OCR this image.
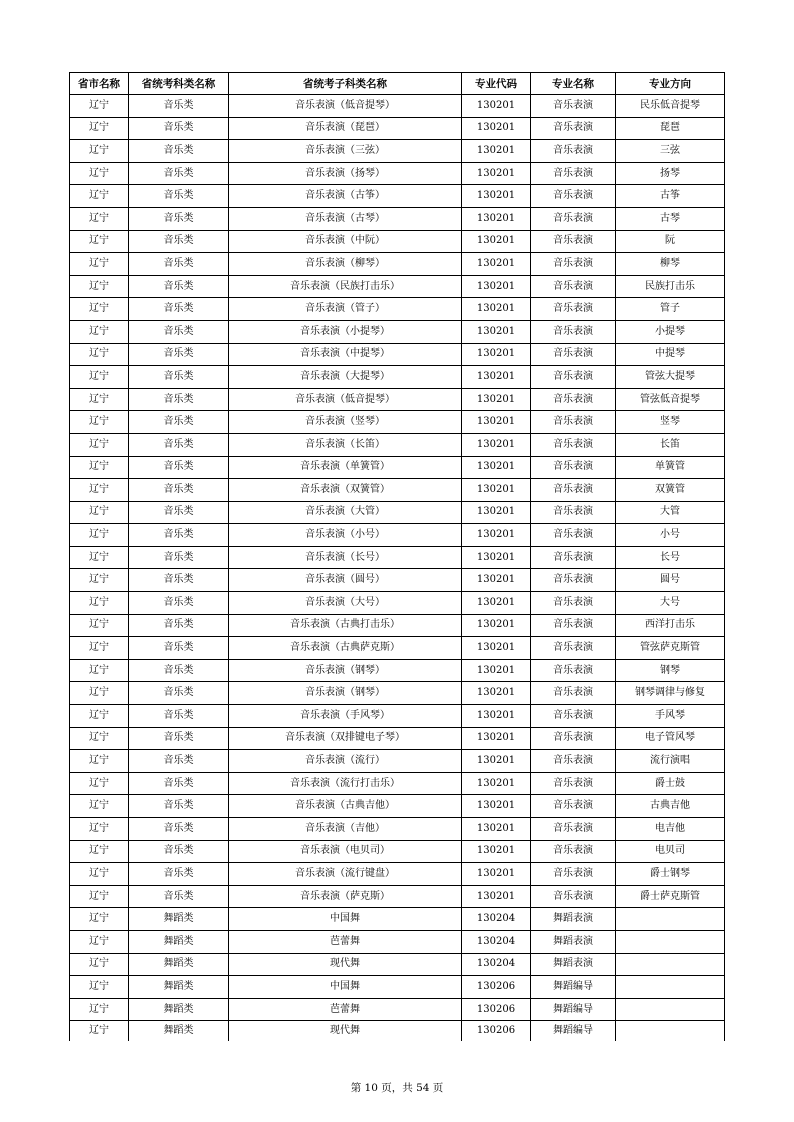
省市名称	省统考科类名称	省统考子科类名称	专业代码	专业名称	专业方向
辽宁	音乐类	音乐表演（低音提琴）	130201	音乐表演	民乐低音提琴
辽宁	音乐类	音乐表演（琵琶）	130201	音乐表演	琵琶
辽宁	音乐类	音乐表演（三弦）	130201	音乐表演	三弦
辽宁	音乐类	音乐表演（扬琴）	130201	音乐表演	扬琴
辽宁	音乐类	音乐表演（古筝）	130201	音乐表演	古筝
辽宁	音乐类	音乐表演（古琴）	130201	音乐表演	古琴
辽宁	音乐类	音乐表演（中阮）	130201	音乐表演	阮
辽宁	音乐类	音乐表演（柳琴）	130201	音乐表演	柳琴
辽宁	音乐类	音乐表演（民族打击乐）	130201	音乐表演	民族打击乐
辽宁	音乐类	音乐表演（管子）	130201	音乐表演	管子
辽宁	音乐类	音乐表演（小提琴）	130201	音乐表演	小提琴
辽宁	音乐类	音乐表演（中提琴）	130201	音乐表演	中提琴
辽宁	音乐类	音乐表演（大提琴）	130201	音乐表演	管弦大提琴
辽宁	音乐类	音乐表演（低音提琴）	130201	音乐表演	管弦低音提琴
辽宁	音乐类	音乐表演（竖琴）	130201	音乐表演	竖琴
辽宁	音乐类	音乐表演（长笛）	130201	音乐表演	长笛
辽宁	音乐类	音乐表演（单簧管）	130201	音乐表演	单簧管
辽宁	音乐类	音乐表演（双簧管）	130201	音乐表演	双簧管
辽宁	音乐类	音乐表演（大管）	130201	音乐表演	大管
辽宁	音乐类	音乐表演（小号）	130201	音乐表演	小号
辽宁	音乐类	音乐表演（长号）	130201	音乐表演	长号
辽宁	音乐类	音乐表演（圆号）	130201	音乐表演	圆号
辽宁	音乐类	音乐表演（大号）	130201	音乐表演	大号
辽宁	音乐类	音乐表演（古典打击乐）	130201	音乐表演	西洋打击乐
辽宁	音乐类	音乐表演（古典萨克斯）	130201	音乐表演	管弦萨克斯管
辽宁	音乐类	音乐表演（钢琴）	130201	音乐表演	钢琴
辽宁	音乐类	音乐表演（钢琴）	130201	音乐表演	钢琴调律与修复
辽宁	音乐类	音乐表演（手风琴）	130201	音乐表演	手风琴
辽宁	音乐类	音乐表演（双排键电子琴）	130201	音乐表演	电子管风琴
辽宁	音乐类	音乐表演（流行）	130201	音乐表演	流行演唱
辽宁	音乐类	音乐表演（流行打击乐）	130201	音乐表演	爵士鼓
辽宁	音乐类	音乐表演（古典吉他）	130201	音乐表演	古典吉他
辽宁	音乐类	音乐表演（吉他）	130201	音乐表演	电吉他
辽宁	音乐类	音乐表演（电贝司）	130201	音乐表演	电贝司
辽宁	音乐类	音乐表演（流行键盘）	130201	音乐表演	爵士钢琴
辽宁	音乐类	音乐表演（萨克斯）	130201	音乐表演	爵士萨克斯管
辽宁	舞蹈类	中国舞	130204	舞蹈表演	
辽宁	舞蹈类	芭蕾舞	130204	舞蹈表演	
辽宁	舞蹈类	现代舞	130204	舞蹈表演	
辽宁	舞蹈类	中国舞	130206	舞蹈编导	
辽宁	舞蹈类	芭蕾舞	130206	舞蹈编导	
辽宁	舞蹈类	现代舞	130206	舞蹈编导	
第 10 页，共 54 页
